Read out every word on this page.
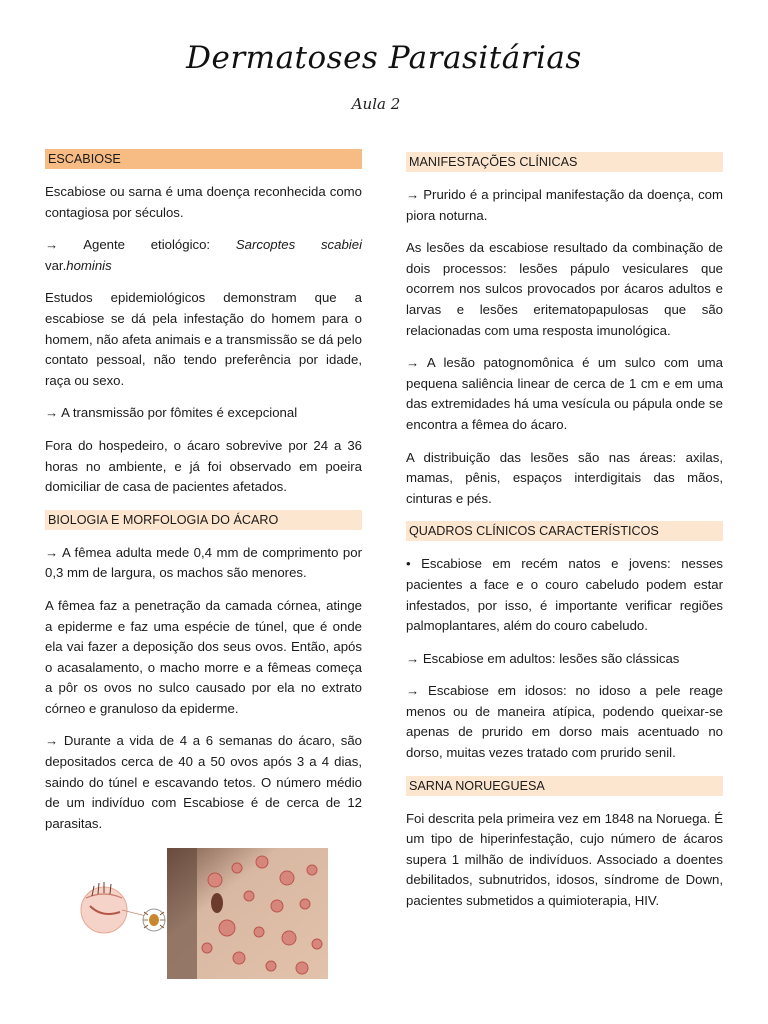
Dermatoses Parasitárias
Aula 2
ESCABIOSE

Escabiose ou sarna é uma doença reconhecida como contagiosa por séculos.

→ Agente etiológico: Sarcoptes scabiei
var.hominis

Estudos epidemiológicos demonstram que a escabiose se dá pela infestação do homem para o homem, não afeta animais e a transmissão se dá pelo contato pessoal, não tendo preferência por idade, raça ou sexo.

→ A transmissão por fômites é excepcional

Fora do hospedeiro, o ácaro sobrevive por 24 a 36 horas no ambiente, e já foi observado em poeira domiciliar de casa de pacientes afetados.

BIOLOGIA E MORFOLOGIA DO ÁCARO

→ A fêmea adulta mede 0,4 mm de comprimento por 0,3 mm de largura, os machos são menores.

A fêmea faz a penetração da camada córnea, atinge a epiderme e faz uma espécie de túnel, que é onde ela vai fazer a deposição dos seus ovos. Então, após o acasalamento, o macho morre e a fêmeas começa a pôr os ovos no sulco causado por ela no extrato córneo e granuloso da epiderme.

→ Durante a vida de 4 a 6 semanas do ácaro, são depositados cerca de 40 a 50 ovos após 3 a 4 dias, saindo do túnel e escavando tetos. O número médio de um indivíduo com Escabiose é de cerca de 12 parasitas.

MANIFESTAÇÕES CLÍNICAS

→ Prurido é a principal manifestação da doença, com piora noturna.

As lesões da escabiose resultado da combinação de dois processos: lesões pápulo vesiculares que ocorrem nos sulcos provocados por ácaros adultos e larvas e lesões eritematopapulosas que são relacionadas com uma resposta imunológica.

→ A lesão patognomônica é um sulco com uma pequena saliência linear de cerca de 1 cm e em uma das extremidades há uma vesícula ou pápula onde se encontra a fêmea do ácaro.

A distribuição das lesões são nas áreas: axilas, mamas, pênis, espaços interdigitais das mãos, cinturas e pés.

QUADROS CLÍNICOS CARACTERÍSTICOS

• Escabiose em recém natos e jovens: nesses pacientes a face e o couro cabeludo podem estar infestados, por isso, é importante verificar regiões palmoplantares, além do couro cabeludo.

→ Escabiose em adultos: lesões são clássicas

→ Escabiose em idosos: no idoso a pele reage menos ou de maneira atípica, podendo queixar-se apenas de prurido em dorso mais acentuado no dorso, muitas vezes tratado com prurido senil.

SARNA NORUEGUESA

Foi descrita pela primeira vez em 1848 na Noruega. É um tipo de hiperinfestação, cujo número de ácaros supera 1 milhão de indivíduos. Associado a doentes debilitados, subnutridos, idosos, síndrome de Down, pacientes submetidos a quimioterapia, HIV.
